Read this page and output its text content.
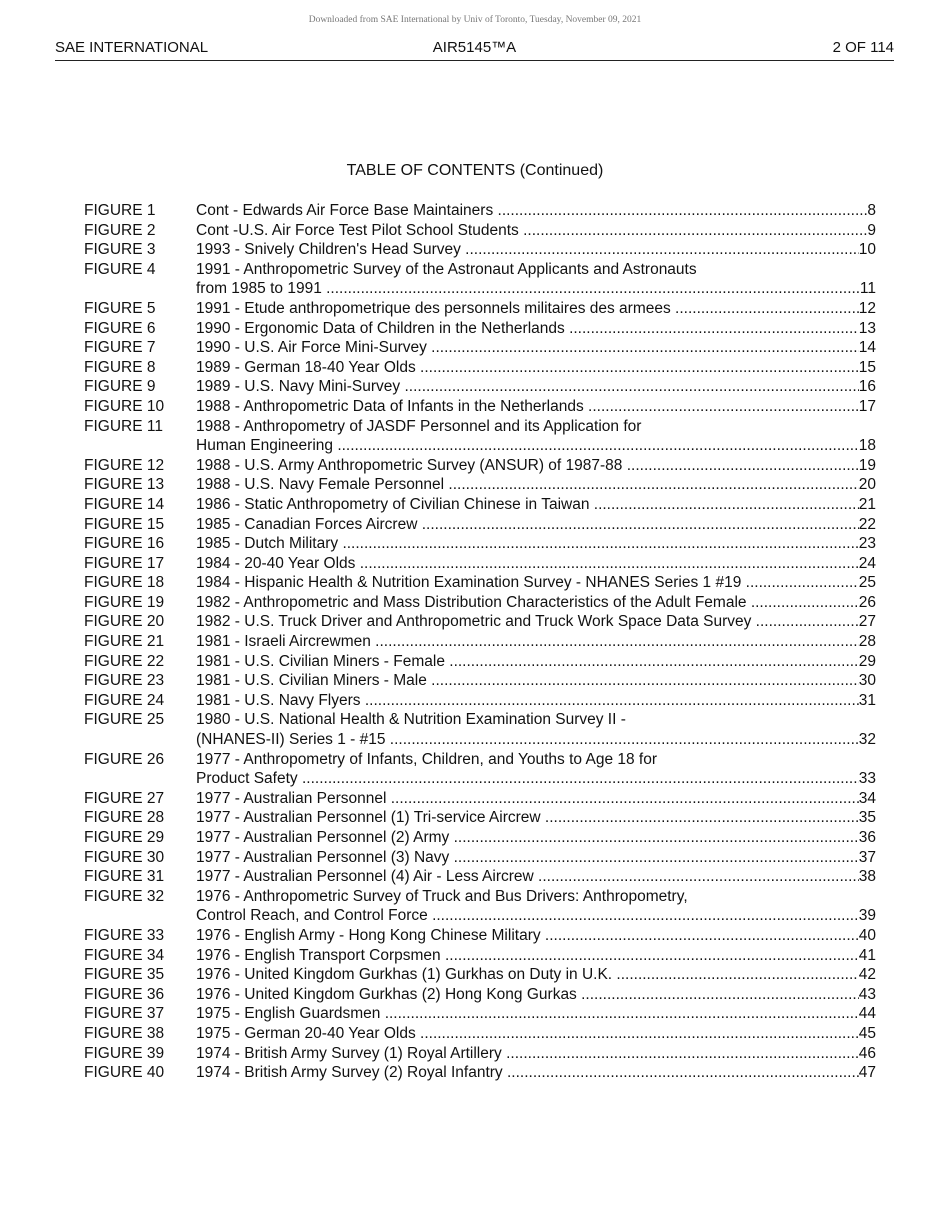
Downloaded from SAE International by Univ of Toronto, Tuesday, November 09, 2021
SAE INTERNATIONAL	AIR5145™A	2 OF 114
TABLE OF CONTENTS (Continued)
FIGURE 1	Cont - Edwards Air Force Base Maintainers .....	8
FIGURE 2	Cont -U.S. Air Force Test Pilot School Students .....	9
FIGURE 3	1993 - Snively Children's Head Survey .....	10
FIGURE 4	1991 - Anthropometric Survey of the Astronaut Applicants and Astronauts
from 1985 to 1991 .....	11
FIGURE 5	1991 - Etude anthropometrique des personnels militaires des armees .....	12
FIGURE 6	1990 - Ergonomic Data of Children in the Netherlands .....	13
FIGURE 7	1990 - U.S. Air Force Mini-Survey .....	14
FIGURE 8	1989 - German 18-40 Year Olds .....	15
FIGURE 9	1989 - U.S. Navy Mini-Survey .....	16
FIGURE 10	1988 - Anthropometric Data of Infants in the Netherlands .....	17
FIGURE 11	1988 - Anthropometry of JASDF Personnel and its Application for
Human Engineering .....	18
FIGURE 12	1988 - U.S. Army Anthropometric Survey (ANSUR) of 1987-88 .....	19
FIGURE 13	1988 - U.S. Navy Female Personnel .....	20
FIGURE 14	1986 - Static Anthropometry of Civilian Chinese in Taiwan .....	21
FIGURE 15	1985 - Canadian Forces Aircrew .....	22
FIGURE 16	1985 - Dutch Military .....	23
FIGURE 17	1984 - 20-40 Year Olds .....	24
FIGURE 18	1984 - Hispanic Health & Nutrition Examination Survey - NHANES Series 1 #19 .....	25
FIGURE 19	1982 - Anthropometric and Mass Distribution Characteristics of the Adult Female .....	26
FIGURE 20	1982 - U.S. Truck Driver and Anthropometric and Truck Work Space Data Survey .....	27
FIGURE 21	1981 - Israeli Aircrewmen .....	28
FIGURE 22	1981 - U.S. Civilian Miners - Female .....	29
FIGURE 23	1981 - U.S. Civilian Miners - Male .....	30
FIGURE 24	1981 - U.S. Navy Flyers .....	31
FIGURE 25	1980 - U.S. National Health & Nutrition Examination Survey II -
(NHANES-II) Series 1 - #15 .....	32
FIGURE 26	1977 - Anthropometry of Infants, Children, and Youths to Age 18 for
Product Safety .....	33
FIGURE 27	1977 - Australian Personnel .....	34
FIGURE 28	1977 - Australian Personnel (1) Tri-service Aircrew .....	35
FIGURE 29	1977 - Australian Personnel (2) Army .....	36
FIGURE 30	1977 - Australian Personnel (3) Navy .....	37
FIGURE 31	1977 - Australian Personnel (4) Air - Less Aircrew .....	38
FIGURE 32	1976 - Anthropometric Survey of Truck and Bus Drivers: Anthropometry,
Control Reach, and Control Force .....	39
FIGURE 33	1976 - English Army - Hong Kong Chinese Military .....	40
FIGURE 34	1976 - English Transport Corpsmen .....	41
FIGURE 35	1976 - United Kingdom Gurkhas (1) Gurkhas on Duty in U.K. .....	42
FIGURE 36	1976 - United Kingdom Gurkhas (2) Hong Kong Gurkas .....	43
FIGURE 37	1975 - English Guardsmen .....	44
FIGURE 38	1975 - German 20-40 Year Olds .....	45
FIGURE 39	1974 - British Army Survey (1) Royal Artillery .....	46
FIGURE 40	1974 - British Army Survey (2) Royal Infantry .....	47
